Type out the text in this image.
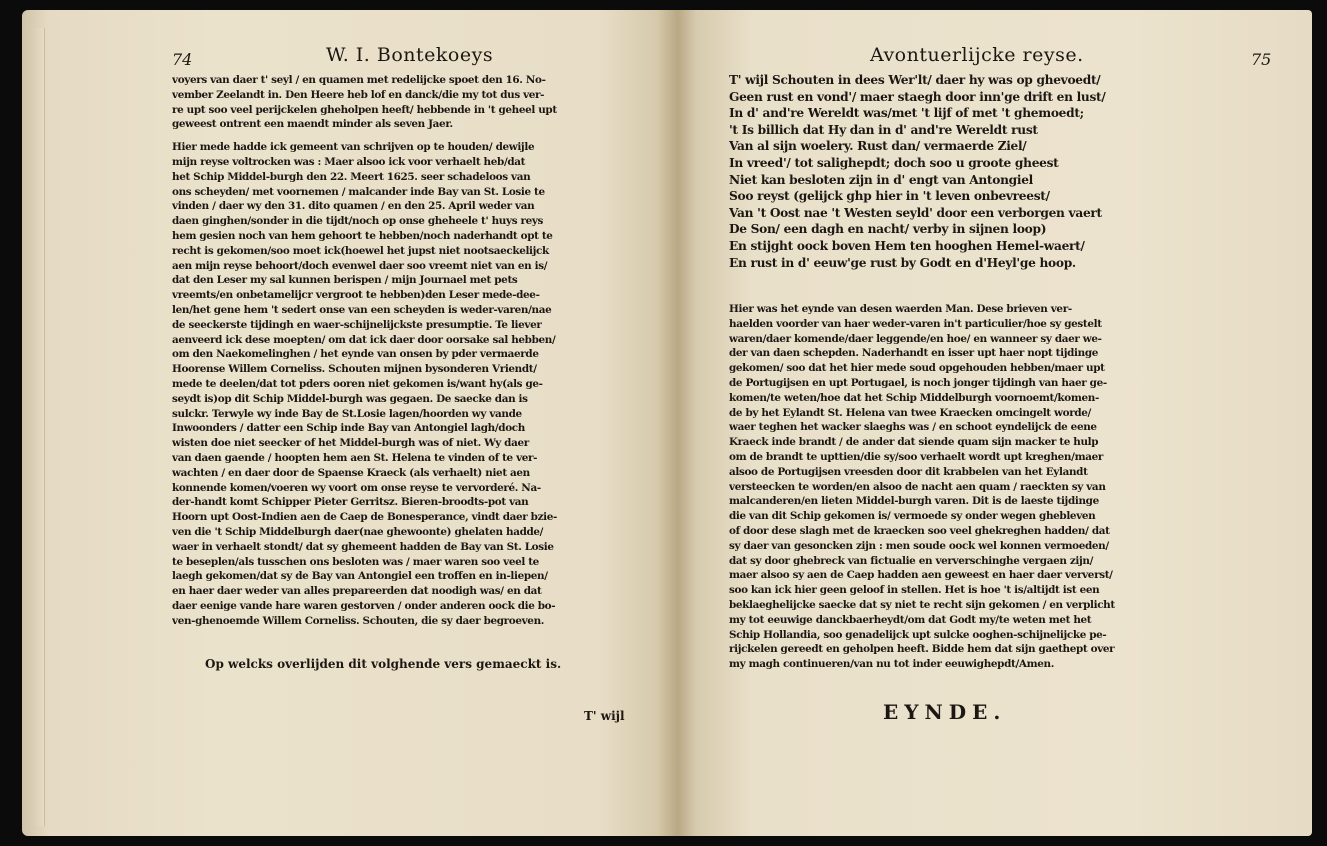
74	W. I. Bontekoeys
voyers van daer t' seyl / en quamen met redelijcke spoet den 16. No-
vember Zeelandt in. Den Heere heb lof en danck/die my tot dus ver-
re upt soo veel perijckelen gheholpen heeft/ hebbende in 't geheel upt
geweest ontrent een maendt minder als seven Jaer.
Hier mede hadde ick gemeent van schrijven op te houden/ dewijle
mijn reyse voltrocken was : Maer alsoo ick voor verhaelt heb/dat
het Schip Middel-burgh den 22. Meert 1625. seer schadeloos van
ons scheyden/ met voornemen / malcander inde Bay van St. Losie te
vinden / daer wy den 31. dito quamen / en den 25. April weder van
daen ginghen/sonder in die tijdt/noch op onse gheheele t' huys reys
hem gesien noch van hem gehoort te hebben/noch naderhandt opt te
recht is gekomen/soo moet ick(hoewel het jupst niet nootsaeckelijck
aen mijn reyse behoort/doch evenwel daer soo vreemt niet van en is/
dat den Leser my sal kunnen berispen / mijn Journael met pets
vreemts/en onbetamelijcr vergroot te hebben)den Leser mede-dee-
len/het gene hem 't sedert onse van een scheyden is weder-varen/nae
de seeckerste tijdingh en waer-schijnelijckste presumptie. Te liever
aenveerd ick dese moepten/ om dat ick daer door oorsake sal hebben/
om den Naekomelinghen / het eynde van onsen by pder vermaerde
Hoorense Willem Corneliss. Schouten mijnen bysonderen Vriendt/
mede te deelen/dat tot pders ooren niet gekomen is/want hy(als ge-
seydt is)op dit Schip Middel-burgh was gegaen. De saecke dan is
sulckr. Terwyle wy inde Bay de St.Losie lagen/hoorden wy vande
Inwoonders / datter een Schip inde Bay van Antongiel lagh/doch
wisten doe niet seecker of het Middel-burgh was of niet. Wy daer
van daen gaende / hoopten hem aen St. Helena te vinden of te ver-
wachten / en daer door de Spaense Kraeck (als verhaelt) niet aen
konnende komen/voeren wy voort om onse reyse te vervorderé. Na-
der-handt komt Schipper Pieter Gerritsz. Bieren-broodts-pot van
Hoorn upt Oost-Indien aen de Caep de Bonesperance, vindt daer bzie-
ven die 't Schip Middelburgh daer(nae ghewoonte) ghelaten hadde/
waer in verhaelt stondt/ dat sy ghemeent hadden de Bay van St. Losie
te beseplen/als tusschen ons besloten was / maer waren soo veel te
laegh gekomen/dat sy de Bay van Antongiel een troffen en in-liepen/
en haer daer weder van alles prepareerden dat noodigh was/ en dat
daer eenige vande hare waren gestorven / onder anderen oock die bo-
ven-ghenoemde Willem Corneliss. Schouten, die sy daer begroeven.
Op welcks overlijden dit volghende vers gemaeckt is.
T' wijl
Avontuerlijcke reyse.	75
T' wijl Schouten in dees Wer'lt/ daer hy was op ghevoedt/
Geen rust en vond'/ maer staegh door inn'ge drift en lust/
In d' and're Wereldt was/met 't lijf of met 't ghemoedt;
't Is billich dat Hy dan in d' and're Wereldt rust
Van al sijn woelery. Rust dan/ vermaerde Ziel/
In vreed'/ tot salighepdt; doch soo u groote gheest
Niet kan besloten zijn in d' engt van Antongiel
Soo reyst (gelijck ghp hier in 't leven onbevreest/
Van 't Oost nae 't Westen seyld' door een verborgen vaert
De Son/ een dagh en nacht/ verby in sijnen loop)
En stijght oock boven Hem ten hooghen Hemel-waert/
En rust in d' eeuw'ge rust by Godt en d'Heyl'ge hoop.
Hier was het eynde van desen waerden Man. Dese brieven ver-
haelden voorder van haer weder-varen in't particulier/hoe sy gestelt
waren/daer komende/daer leggende/en hoe/ en wanneer sy daer we-
der van daen schepden. Naderhandt en isser upt haer nopt tijdinge
gekomen/ soo dat het hier mede soud opgehouden hebben/maer upt
de Portugijsen en upt Portugael, is noch jonger tijdingh van haer ge-
komen/te weten/hoe dat het Schip Middelburgh voornoemt/komen-
de by het Eylandt St. Helena van twee Kraecken omcingelt worde/
waer teghen het wacker slaeghs was / en schoot eyndelijck de eene
Kraeck inde brandt / de ander dat siende quam sijn macker te hulp
om de brandt te upttien/die sy/soo verhaelt wordt upt kreghen/maer
alsoo de Portugijsen vreesden door dit krabbelen van het Eylandt
versteecken te worden/en alsoo de nacht aen quam / raeckten sy van
malcanderen/en lieten Middel-burgh varen. Dit is de laeste tijdinge
die van dit Schip gekomen is/ vermoede sy onder wegen ghebleven
of door dese slagh met de kraecken soo veel ghekreghen hadden/ dat
sy daer van gesoncken zijn : men soude oock wel konnen vermoeden/
dat sy door ghebreck van fictualie en ververschinghe vergaen zijn/
maer alsoo sy aen de Caep hadden aen geweest en haer daer ververst/
soo kan ick hier geen geloof in stellen. Het is hoe 't is/altijdt ist een
beklaeghelijcke saecke dat sy niet te recht sijn gekomen / en verplicht
my tot eeuwige danckbaerheydt/om dat Godt my/te weten met het
Schip Hollandia, soo genadelijck upt sulcke ooghen-schijnelijcke pe-
rijckelen gereedt en geholpen heeft. Bidde hem dat sijn gaethept over
my magh continueren/van nu tot inder eeuwighepdt/Amen.
EYNDE.
